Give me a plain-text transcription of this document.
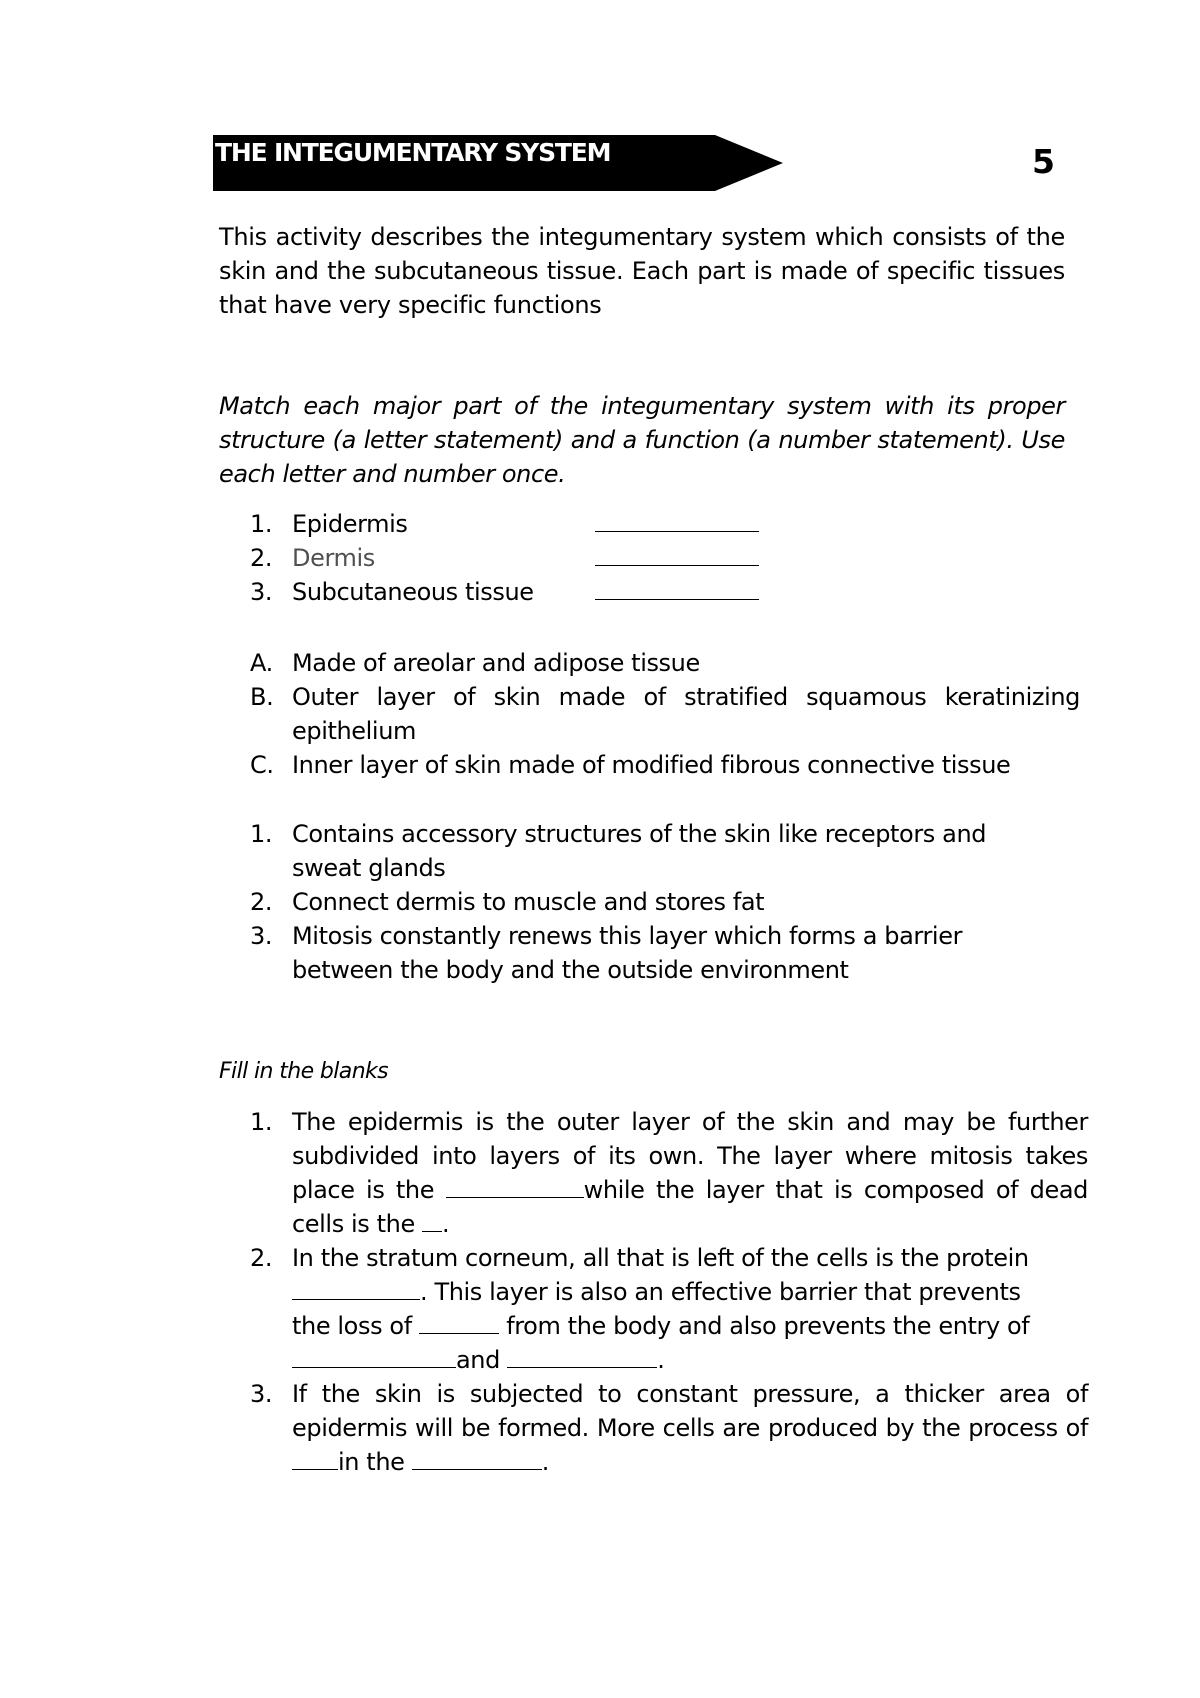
THE INTEGUMENTARY SYSTEM	5

This activity describes the integumentary system which consists of the skin and the subcutaneous tissue. Each part is made of specific tissues that have very specific functions

Match each major part of the integumentary system with its proper structure (a letter statement) and a function (a number statement). Use each letter and number once.

1. Epidermis
2. Dermis
3. Subcutaneous tissue
A. Made of areolar and adipose tissue
B. Outer layer of skin made of stratified squamous keratinizing epithelium
C. Inner layer of skin made of modified fibrous connective tissue
1. Contains accessory structures of the skin like receptors and sweat glands
2. Connect dermis to muscle and stores fat
3. Mitosis constantly renews this layer which forms a barrier between the body and the outside environment

Fill in the blanks

1. The epidermis is the outer layer of the skin and may be further subdivided into layers of its own. The layer where mitosis takes place is the	while the layer that is composed of dead cells is the .
2. In the stratum corneum, all that is left of the cells is the protein
. This layer is also an effective barrier that prevents the loss of	from the body and also prevents the entry of
and	.
3. If the skin is subjected to constant pressure, a thicker area of epidermis will be formed. More cells are produced by the process of in the	.
